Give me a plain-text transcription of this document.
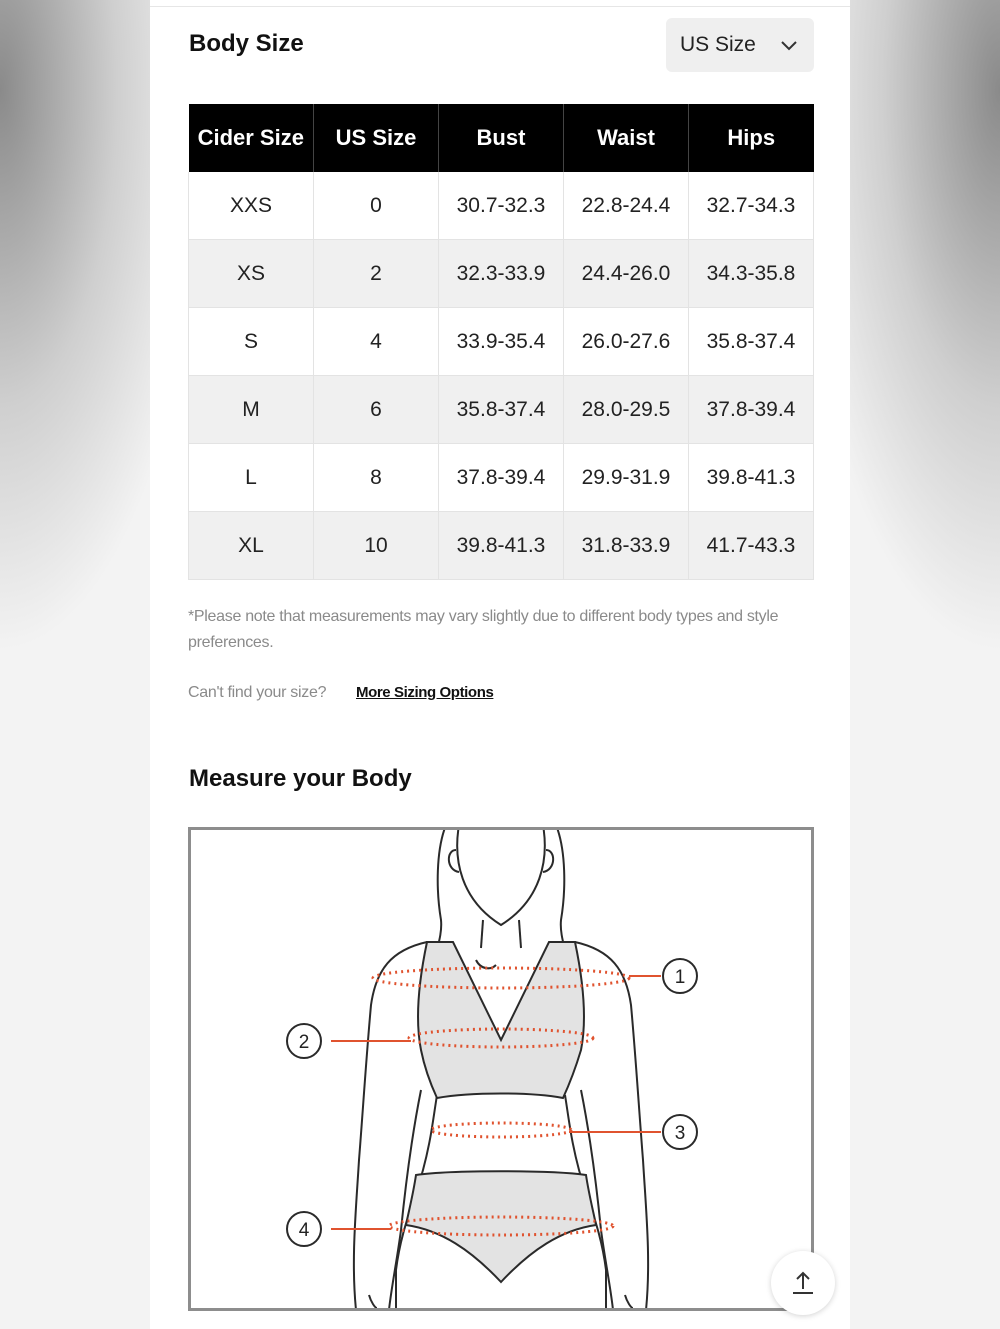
Body Size	US Size
Cider Size	US Size	Bust	Waist	Hips
XXS	0	30.7-32.3	22.8-24.4	32.7-34.3
XS	2	32.3-33.9	24.4-26.0	34.3-35.8
S	4	33.9-35.4	26.0-27.6	35.8-37.4
M	6	35.8-37.4	28.0-29.5	37.8-39.4
L	8	37.8-39.4	29.9-31.9	39.8-41.3
XL	10	39.8-41.3	31.8-33.9	41.7-43.3
*Please note that measurements may vary slightly due to different body types and style preferences.
Can't find your size? More Sizing Options
Measure your Body
1
2
3
4
